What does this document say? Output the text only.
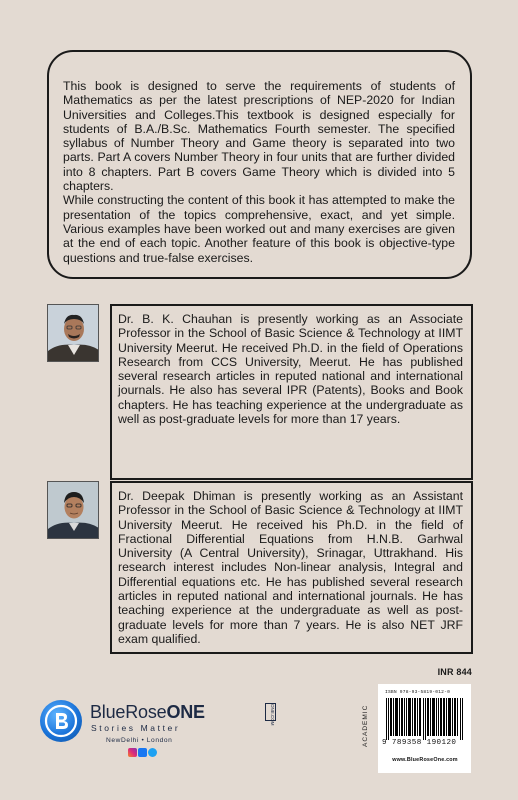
This book is designed to serve the requirements of students of Mathematics as per the latest prescriptions of NEP-2020 for Indian Universities and Colleges.This textbook is designed especially for students of B.A./B.Sc. Mathematics Fourth semester. The specified syllabus of Number Theory and Game theory is separated into two parts. Part A covers Number Theory in four units that are further divided into 8 chapters. Part B covers Game Theory which is divided into 5 chapters.

While constructing the content of this book it has attempted to make the presentation of the topics comprehensive, exact, and yet simple. Various examples have been worked out and many exercises are given at the end of each topic. Another feature of this book is objective-type questions and true-false exercises.

Dr. B. K. Chauhan is presently working as an Associate Professor in the School of Basic Science & Technology at IIMT University Meerut. He received Ph.D. in the field of Operations Research from CCS University, Meerut. He has published several research articles in reputed national and international journals. He also has several IPR (Patents), Books and Book chapters. He has teaching experience at the undergraduate as well as post-graduate levels for more than 17 years.
Dr. Deepak Dhiman is presently working as an Assistant Professor in the School of Basic Science & Technology at IIMT University Meerut. He received his Ph.D. in the field of Fractional Differential Equations from H.N.B. Garhwal University (A Central University), Srinagar, Uttrakhand. His research interest includes Non-linear analysis, Integral and Differential equations etc. He has published several research articles in reputed national and international journals. He has teaching experience at the undergraduate as well as post-graduate levels for more than 7 years. He is also NET JRF exam qualified.
INR 844
BlueRoseONE	ONE.COM
Stories Matter
NewDelhi • London	ACADEMIC
ISBN 978-93-5819-012-0
9 789358 190120
www.BlueRoseOne.com
